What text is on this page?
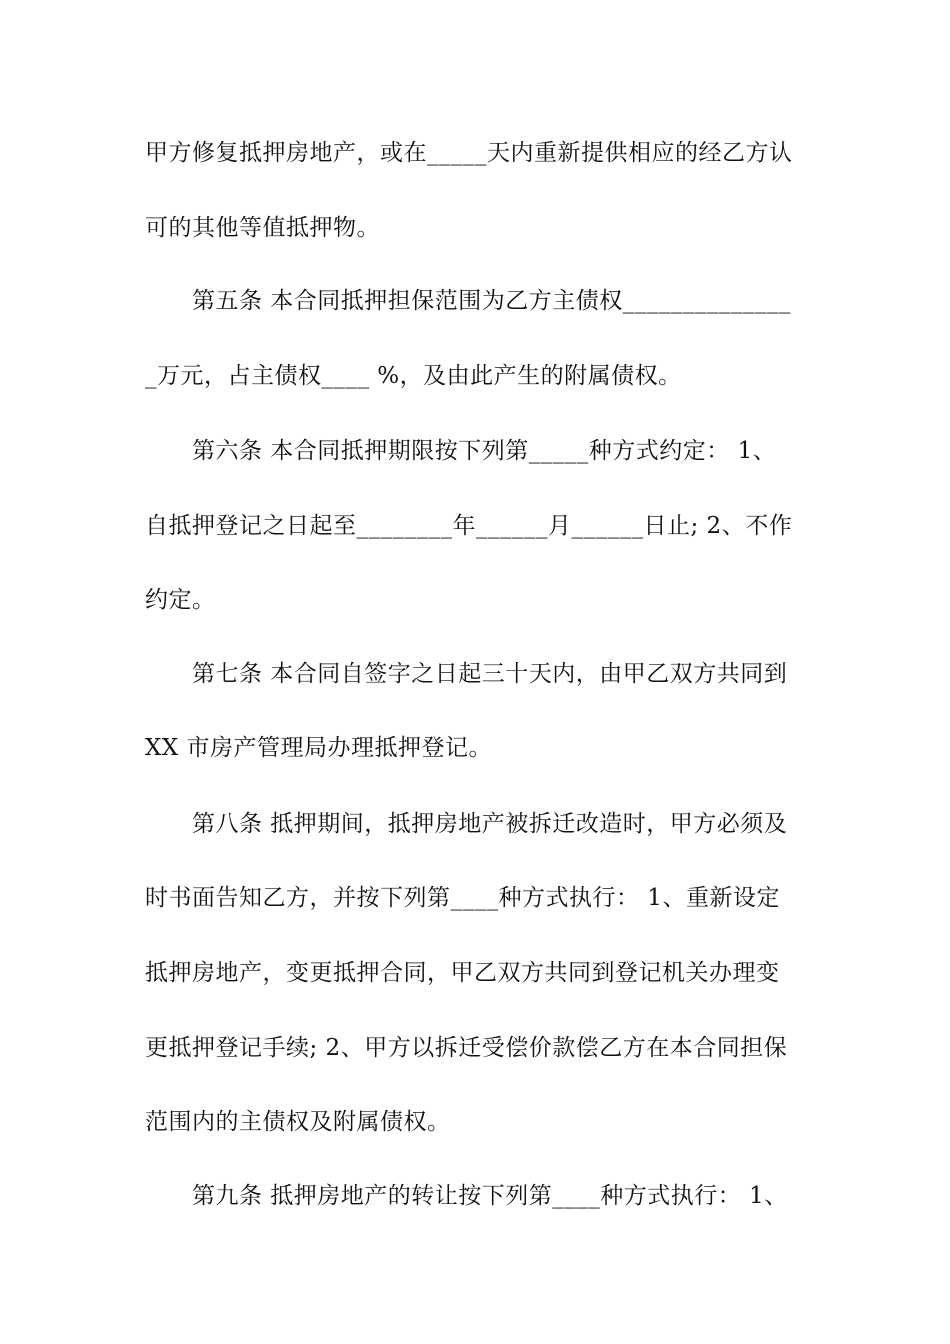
甲方修复抵押房地产，或在_____天内重新提供相应的经乙方认

可的其他等值抵押物。

第五条 本合同抵押担保范围为乙方主债权______________

_万元，占主债权____ %，及由此产生的附属债权。

第六条 本合同抵押期限按下列第_____种方式约定： 1、

自抵押登记之日起至________年______月______日止; 2、不作

约定。

第七条 本合同自签字之日起三十天内，由甲乙双方共同到

XX 市房产管理局办理抵押登记。

第八条 抵押期间，抵押房地产被拆迁改造时，甲方必须及

时书面告知乙方，并按下列第____种方式执行： 1、重新设定

抵押房地产，变更抵押合同，甲乙双方共同到登记机关办理变

更抵押登记手续; 2、甲方以拆迁受偿价款偿乙方在本合同担保

范围内的主债权及附属债权。

第九条 抵押房地产的转让按下列第____种方式执行： 1、
